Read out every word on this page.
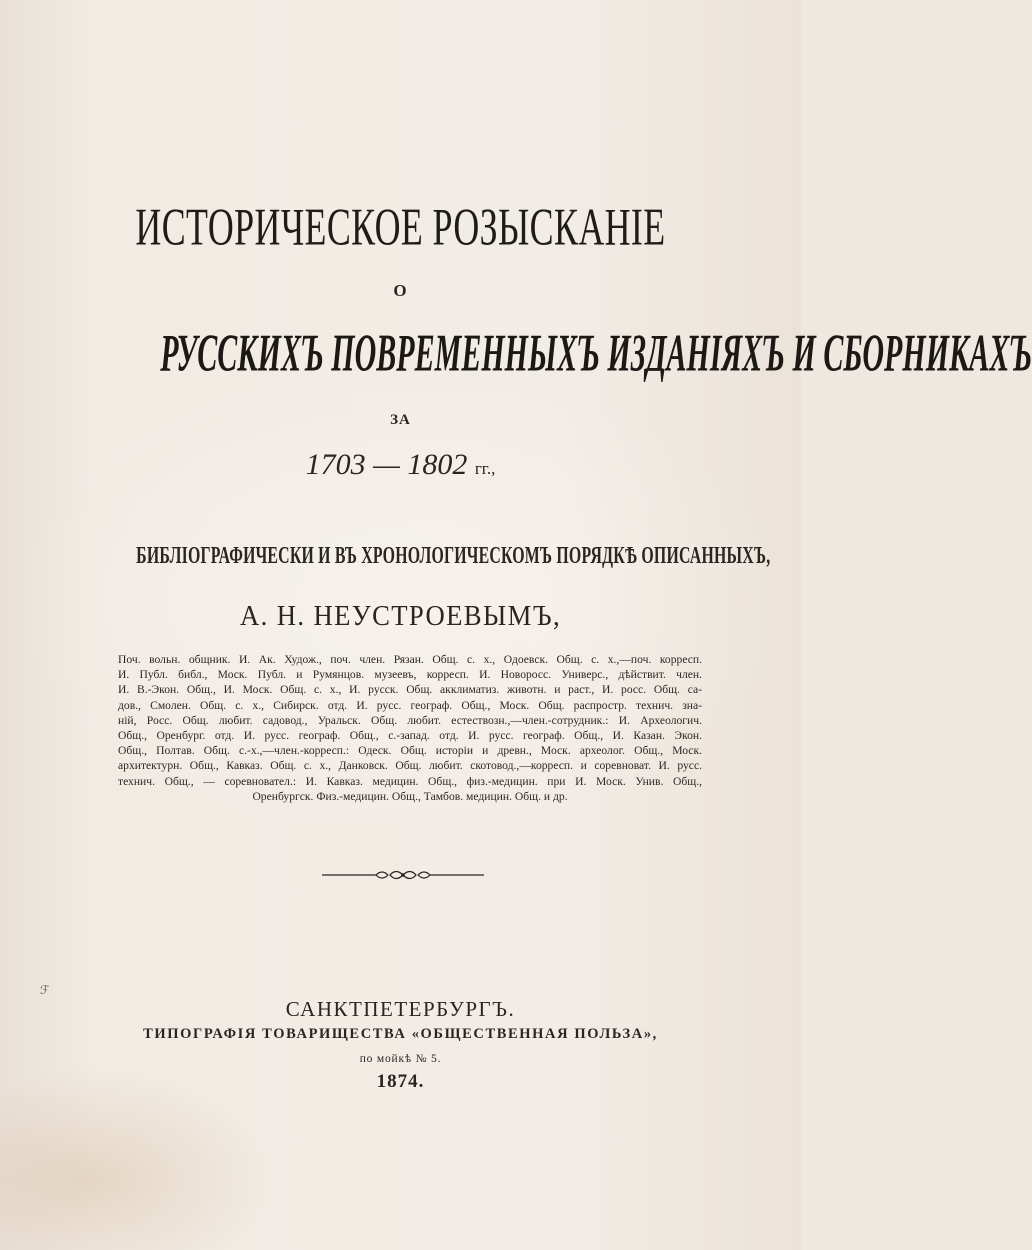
ИСТОРИЧЕСКОЕ РОЗЫСКАНІЕ
О
РУССКИХЪ ПОВРЕМЕННЫХЪ ИЗДАНІЯХЪ И СБОРНИКАХЪ
ЗА
1703 — 1802 гг.,
БИБЛІОГРАФИЧЕСКИ И ВЪ ХРОНОЛОГИЧЕСКОМЪ ПОРЯДКѢ ОПИСАННЫХЪ,
А. Н. НЕУСТРОЕВЫМЪ,
Поч. вольн. общник. И. Ак. Худож., поч. член. Рязан. Общ. с. х., Одоевск. Общ. с. х.,—поч. корресп.
И. Публ. библ., Моск. Публ. и Румянцов. музеевъ, корресп. И. Новоросс. Универс., дѣйствит. член.
И. В.-Экон. Общ., И. Моск. Общ. с. х., И. русск. Общ. акклиматиз. животн. и раст., И. росс. Общ. са-
дов., Смолен. Общ. с. х., Сибирск. отд. И. русс. географ. Общ., Моск. Общ. распростр. технич. зна-
ній, Росс. Общ. любит. садовод., Уральск. Общ. любит. естествозн.,—член.-сотрудник.: И. Археологич.
Общ., Оренбург. отд. И. русс. географ. Общ., с.-запад. отд. И. русс. географ. Общ., И. Казан. Экон.
Общ., Полтав. Общ. с.-х.,—член.-корресп.: Одеск. Общ. исторіи и древн., Моск. археолог. Общ., Моск.
архитектурн. Общ., Кавказ. Общ. с. х., Данковск. Общ. любит. скотовод.,—корресп. и соревноват. И. русс.
технич. Общ., — соревновател.: И. Кавказ. медицин. Общ., физ.-медицин. при И. Моск. Унив. Общ.,
Оренбургск. Физ.-медицин. Общ., Тамбов. медицин. Общ. и др.
ℱ
САНКТПЕТЕРБУРГЪ.
ТИПОГРАФІЯ ТОВАРИЩЕСТВА «ОБЩЕСТВЕННАЯ ПОЛЬЗА»,
по мойкѣ № 5.
1874.
